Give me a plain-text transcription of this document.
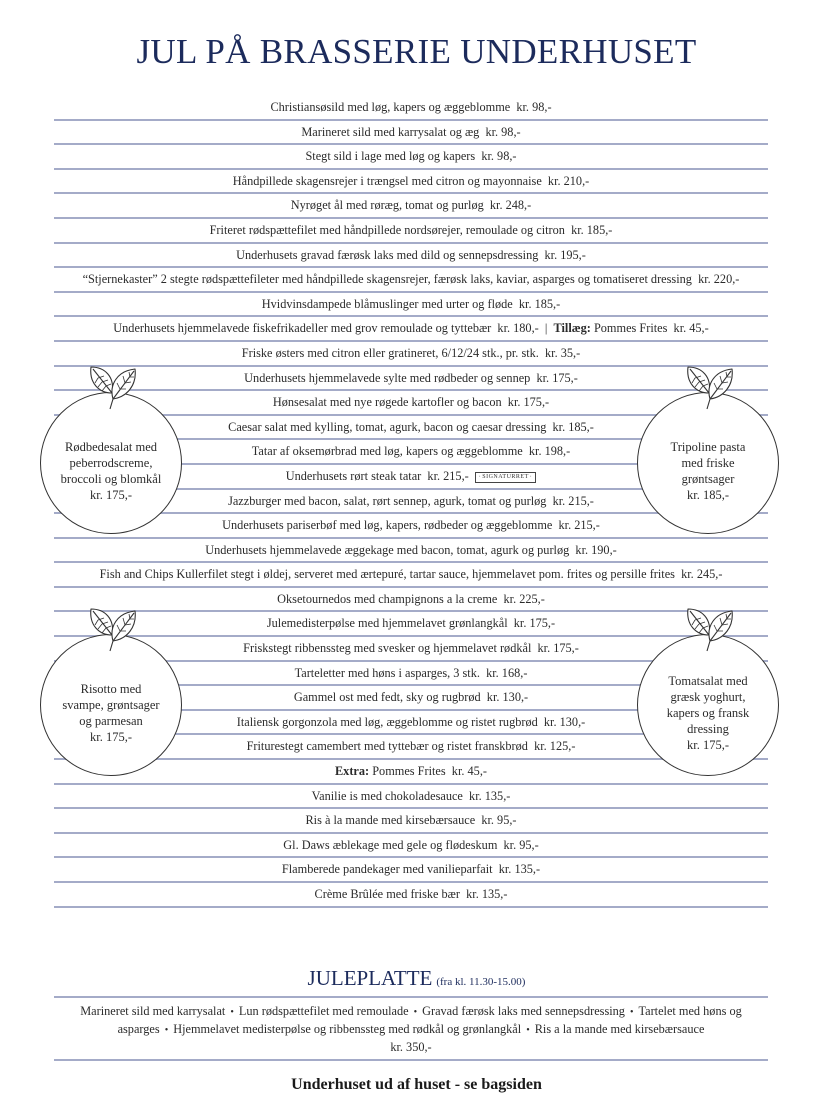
JUL PÅ BRASSERIE UNDERHUSET
Christiansøsild med løg, kapers og æggeblomme  kr. 98,-
Marineret sild med karrysalat og æg  kr. 98,-
Stegt sild i lage med løg og kapers  kr. 98,-
Håndpillede skagensrejer i trængsel med citron og mayonnaise  kr. 210,-
Nyrøget ål med røræg, tomat og purløg  kr. 248,-
Friteret rødspættefilet med håndpillede nordsørejer, remoulade og citron  kr. 185,-
Underhusets gravad færøsk laks med dild og sennepsdressing  kr. 195,-
“Stjernekaster” 2 stegte rødspættefileter med håndpillede skagensrejer, færøsk laks, kaviar, asparges og tomatiseret dressing  kr. 220,-
Hvidvinsdampede blåmuslinger med urter og fløde  kr. 185,-
Underhusets hjemmelavede fiskefrikadeller med grov remoulade og tyttebær  kr. 180,-  |  Tillæg: Pommes Frites  kr. 45,-
Friske østers med citron eller gratineret, 6/12/24 stk., pr. stk.  kr. 35,-
Underhusets hjemmelavede sylte med rødbeder og sennep  kr. 175,-
Hønsesalat med nye røgede kartofler og bacon  kr. 175,-
Caesar salat med kylling, tomat, agurk, bacon og caesar dressing  kr. 185,-
Tatar af oksemørbrad med løg, kapers og æggeblomme  kr. 198,-
Underhusets rørt steak tatar  kr. 215,- · SIGNATURRET ·
Jazzburger med bacon, salat, rørt sennep, agurk, tomat og purløg  kr. 215,-
Underhusets pariserbøf med løg, kapers, rødbeder og æggeblomme  kr. 215,-
Underhusets hjemmelavede æggekage med bacon, tomat, agurk og purløg  kr. 190,-
Fish and Chips Kullerfilet stegt i øldej, serveret med ærtepuré, tartar sauce, hjemmelavet pom. frites og persille frites  kr. 245,-
Oksetournedos med champignons a la creme  kr. 225,-
Julemedisterpølse med hjemmelavet grønlangkål  kr. 175,-
Friskstegt ribbenssteg med svesker og hjemmelavet rødkål  kr. 175,-
Tarteletter med høns i asparges, 3 stk.  kr. 168,-
Gammel ost med fedt, sky og rugbrød  kr. 130,-
Italiensk gorgonzola med løg, æggeblomme og ristet rugbrød  kr. 130,-
Friturestegt camembert med tyttebær og ristet franskbrød  kr. 125,-
Extra: Pommes Frites  kr. 45,-
Vanilie is med chokoladesauce  kr. 135,-
Ris à la mande med kirsebærsauce  kr. 95,-
Gl. Daws æblekage med gele og flødeskum  kr. 95,-
Flamberede pandekager med vanilieparfait  kr. 135,-
Crème Brûlée med friske bær  kr. 135,-
Rødbedesalat med
peberrodscreme,
broccoli og blomkål
kr. 175,-
Tripoline pasta
med friske
grøntsager
kr. 185,-
Risotto med
svampe, grøntsager
og parmesan
kr. 175,-
Tomatsalat med
græsk yoghurt,
kapers og fransk
dressing
kr. 175,-
JULEPLATTE (fra kl. 11.30-15.00)
Marineret sild med karrysalat • Lun rødspættefilet med remoulade • Gravad færøsk laks med sennepsdressing • Tartelet med høns og asparges • Hjemmelavet medisterpølse og ribbenssteg med rødkål og grønlangkål • Ris a la mande med kirsebærsauce
kr. 350,-
Underhuset ud af huset - se bagsiden
